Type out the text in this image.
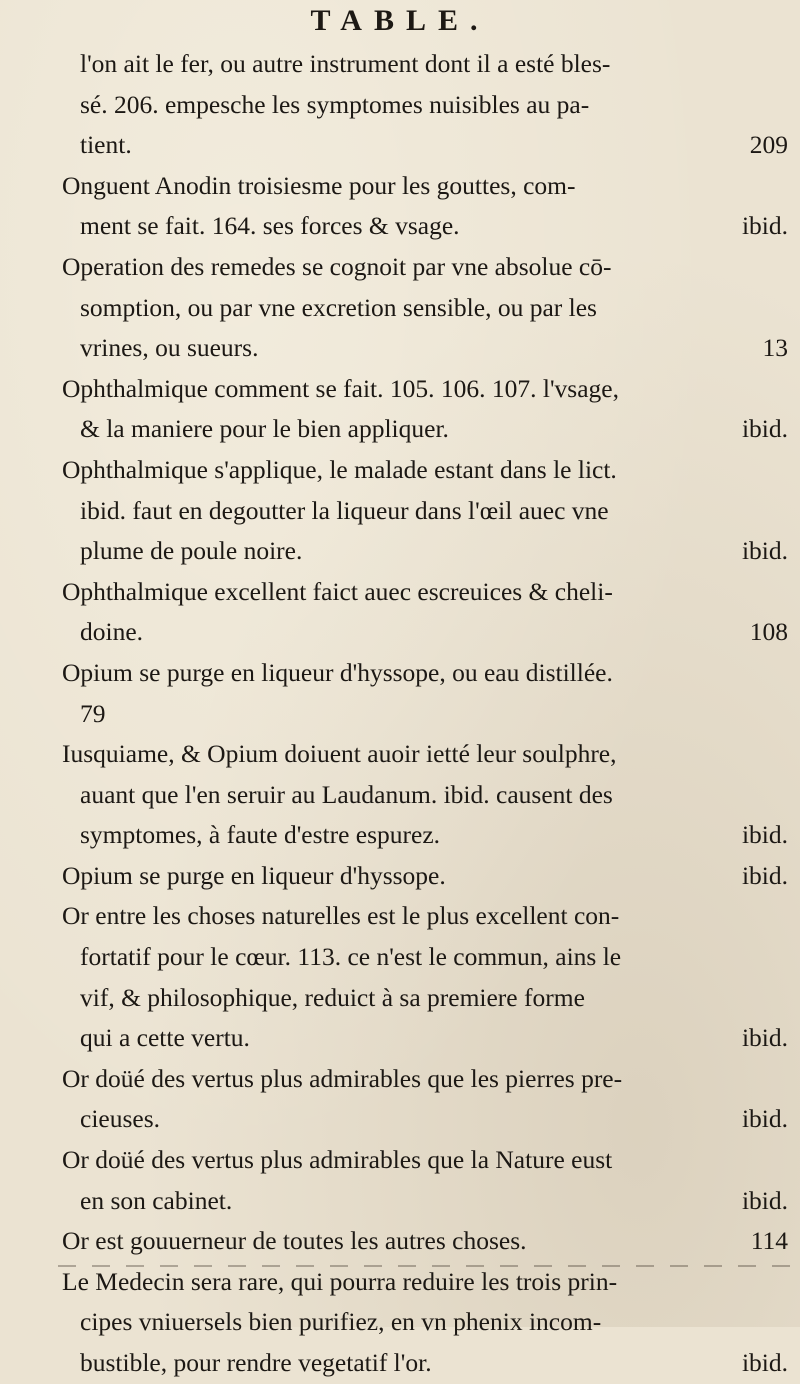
TABLE.
l'on ait le fer, ou autre instrument dont il a esté bles-
sé. 206. empesche les symptomes nuisibles au pa-
tient.	209
Onguent Anodin troisiesme pour les gouttes, com-
ment se fait. 164. ses forces & vsage.	ibid.
Operation des remedes se cognoit par vne absolue cō-
somption, ou par vne excretion sensible, ou par les
vrines, ou sueurs.	13
Ophthalmique comment se fait. 105. 106. 107. l'vsage,
& la maniere pour le bien appliquer.	ibid.
Ophthalmique s'applique, le malade estant dans le lict.
ibid. faut en degoutter la liqueur dans l'œil auec vne
plume de poule noire.	ibid.
Ophthalmique excellent faict auec escreuices & cheli-
doine.	108
Opium se purge en liqueur d'hyssope, ou eau distillée.
79
Iusquiame, & Opium doiuent auoir ietté leur soulphre,
auant que l'en seruir au Laudanum. ibid. causent des
symptomes, à faute d'estre espurez.	ibid.
Opium se purge en liqueur d'hyssope.	ibid.
Or entre les choses naturelles est le plus excellent con-
fortatif pour le cœur. 113. ce n'est le commun, ains le
vif, & philosophique, reduict à sa premiere forme
qui a cette vertu.	ibid.
Or doüé des vertus plus admirables que les pierres pre-
cieuses.	ibid.
Or doüé des vertus plus admirables que la Nature eust
en son cabinet.	ibid.
Or est gouuerneur de toutes les autres choses.	114
Le Medecin sera rare, qui pourra reduire les trois prin-
cipes vniuersels bien purifiez, en vn phenix incom-
bustible, pour rendre vegetatif l'or.	ibid.
